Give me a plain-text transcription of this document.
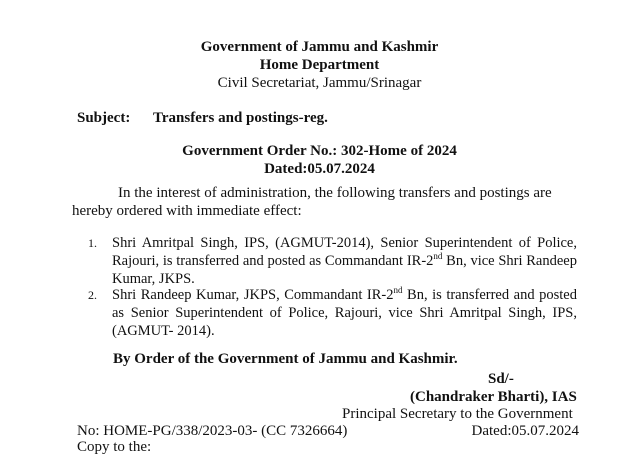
Government of Jammu and Kashmir
Home Department
Civil Secretariat, Jammu/Srinagar
Subject: Transfers and postings-reg.
Government Order No.: 302-Home of 2024
Dated:05.07.2024
In the interest of administration, the following transfers and postings are
hereby ordered with immediate effect:
1. Shri Amritpal Singh, IPS, (AGMUT-2014), Senior Superintendent of Police, Rajouri, is transferred and posted as Commandant IR-2nd Bn, vice Shri Randeep Kumar, JKPS.
2. Shri Randeep Kumar, JKPS, Commandant IR-2nd Bn, is transferred and posted as Senior Superintendent of Police, Rajouri, vice Shri Amritpal Singh, IPS, (AGMUT- 2014).
By Order of the Government of Jammu and Kashmir.
Sd/-
(Chandraker Bharti), IAS
Principal Secretary to the Government
No: HOME-PG/338/2023-03- (CC 7326664)	Dated:05.07.2024
Copy to the:
